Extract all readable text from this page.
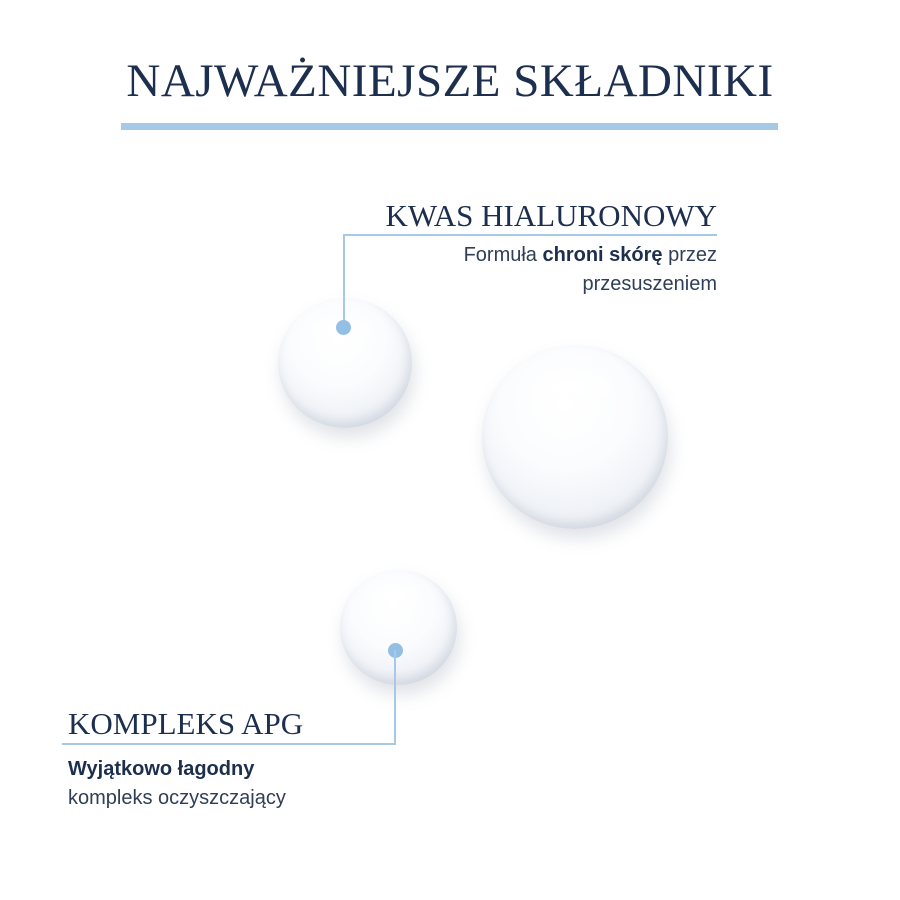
NAJWAŻNIEJSZE SKŁADNIKI
KWAS HIALURONOWY
Formuła chroni skórę przez
przesuszeniem
KOMPLEKS APG
Wyjątkowo łagodny
kompleks oczyszczający
